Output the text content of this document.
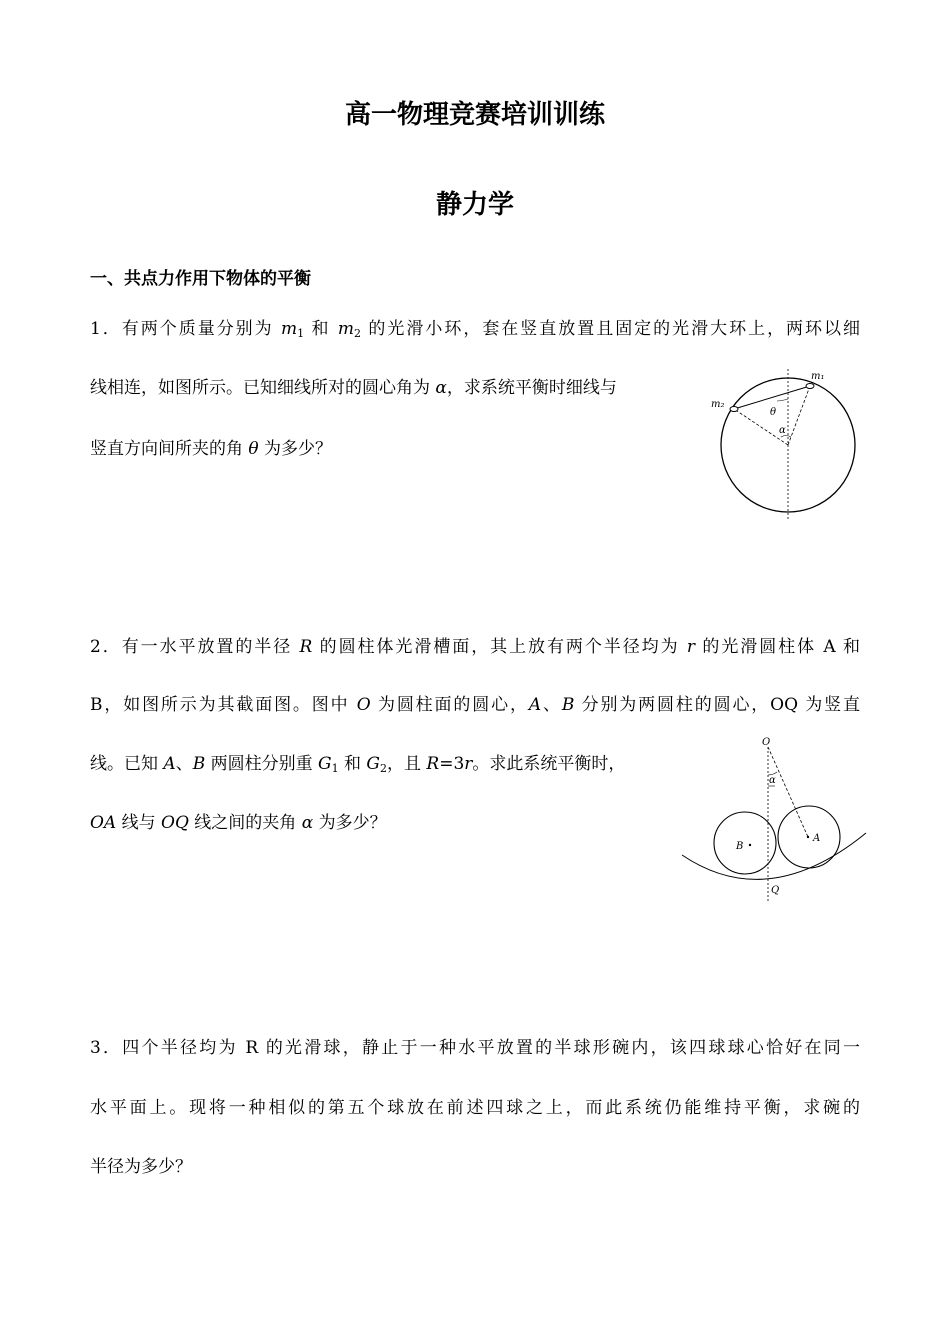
高一物理竞赛培训训练
静力学
一、共点力作用下物体的平衡
1．有两个质量分别为 $m_1$ 和 $m_2$ 的光滑小环，套在竖直放置且固定的光滑大环上，两环以细
线相连，如图所示。已知细线所对的圆心角为 α，求系统平衡时细线与
竖直方向间所夹的角 θ 为多少？
m₁
m₂
θ
α
2．有一水平放置的半径 R 的圆柱体光滑槽面，其上放有两个半径均为 r 的光滑圆柱体 A 和
B，如图所示为其截面图。图中 O 为圆柱面的圆心，A、B 分别为两圆柱的圆心，OQ 为竖直
线。已知 A、B 两圆柱分别重 $G_1$ 和 $G_2$，且 R=3r。求此系统平衡时，
OA 线与 OQ 线之间的夹角 α 为多少？
O
α
A
B
Q
3．四个半径均为 R 的光滑球，静止于一种水平放置的半球形碗内，该四球球心恰好在同一
水平面上。现将一种相似的第五个球放在前述四球之上，而此系统仍能维持平衡，求碗的
半径为多少？
